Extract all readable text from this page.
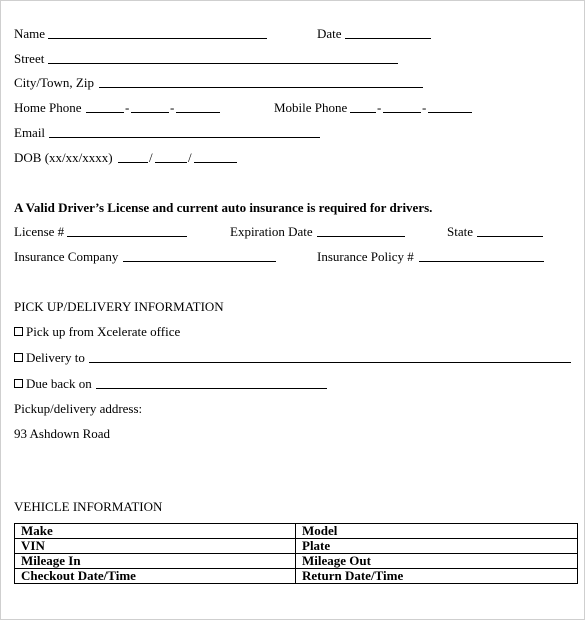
Name	Date
Street
City/Town, Zip
Home Phone	-	-	Mobile Phone -	-
Email
DOB (xx/xx/xxxx)	/	/
A Valid Driver’s License and current auto insurance is required for drivers.
License #	Expiration Date	State
Insurance Company	Insurance Policy #
PICK UP/DELIVERY INFORMATION
Pick up from Xcelerate office
Delivery to
Due back on
Pickup/delivery address:
93 Ashdown Road
VEHICLE INFORMATION
Make	Model
VIN	Plate
Mileage In	Mileage Out
Checkout Date/Time	Return Date/Time
